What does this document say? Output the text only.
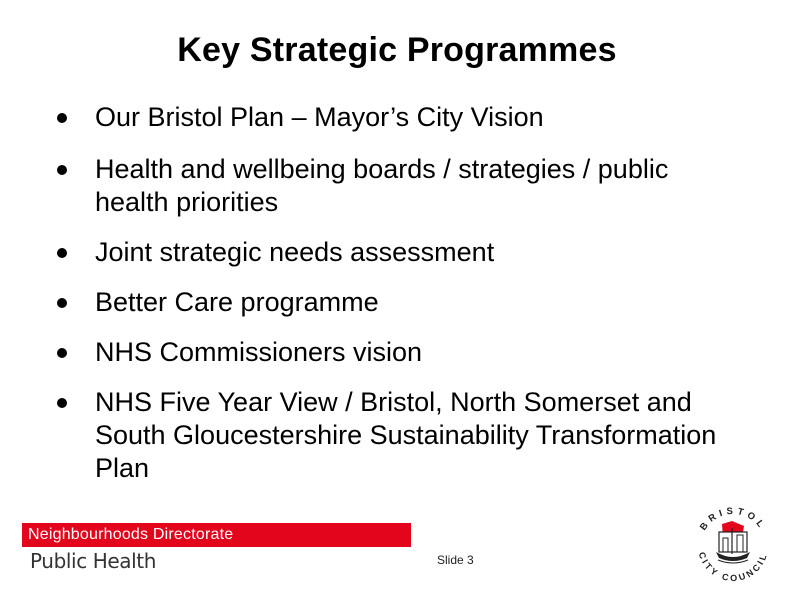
Key Strategic Programmes
Our Bristol Plan – Mayor’s City Vision
Health and wellbeing boards / strategies / public health priorities
Joint strategic needs assessment
Better Care programme
NHS Commissioners vision
NHS Five Year View / Bristol, North Somerset and South Gloucestershire Sustainability Transformation Plan
Neighbourhoods Directorate
Public Health	Slide 3
BRISTOL
CITY COUNCIL
